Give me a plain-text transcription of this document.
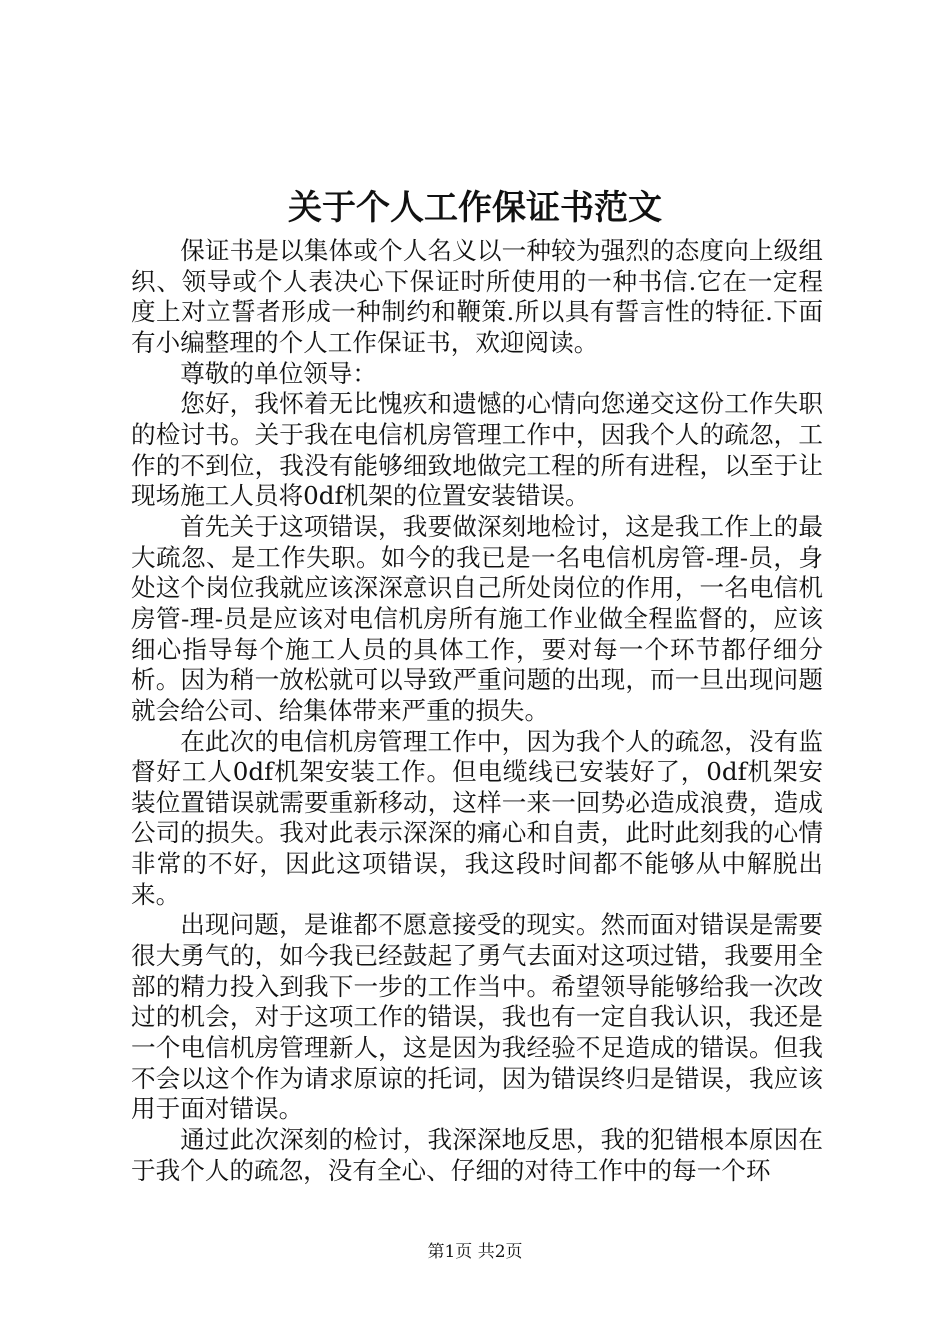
关于个人工作保证书范文

保证书是以集体或个人名义以一种较为强烈的态度向上级组织、领导或个人表决心下保证时所使用的一种书信.它在一定程度上对立誓者形成一种制约和鞭策.所以具有誓言性的特征.下面有小编整理的个人工作保证书，欢迎阅读。

尊敬的单位领导：

您好，我怀着无比愧疚和遗憾的心情向您递交这份工作失职的检讨书。关于我在电信机房管理工作中，因我个人的疏忽，工作的不到位，我没有能够细致地做完工程的所有进程，以至于让现场施工人员将0df机架的位置安装错误。

首先关于这项错误，我要做深刻地检讨，这是我工作上的最大疏忽、是工作失职。如今的我已是一名电信机房管-理-员，身处这个岗位我就应该深深意识自己所处岗位的作用，一名电信机房管-理-员是应该对电信机房所有施工作业做全程监督的，应该细心指导每个施工人员的具体工作，要对每一个环节都仔细分析。因为稍一放松就可以导致严重问题的出现，而一旦出现问题就会给公司、给集体带来严重的损失。

在此次的电信机房管理工作中，因为我个人的疏忽，没有监督好工人0df机架安装工作。但电缆线已安装好了，0df机架安装位置错误就需要重新移动，这样一来一回势必造成浪费，造成公司的损失。我对此表示深深的痛心和自责，此时此刻我的心情非常的不好，因此这项错误，我这段时间都不能够从中解脱出来。

出现问题，是谁都不愿意接受的现实。然而面对错误是需要很大勇气的，如今我已经鼓起了勇气去面对这项过错，我要用全部的精力投入到我下一步的工作当中。希望领导能够给我一次改过的机会，对于这项工作的错误，我也有一定自我认识，我还是一个电信机房管理新人，这是因为我经验不足造成的错误。但我不会以这个作为请求原谅的托词，因为错误终归是错误，我应该用于面对错误。

通过此次深刻的检讨，我深深地反思，我的犯错根本原因在于我个人的疏忽，没有全心、仔细的对待工作中的每一个环

第1页 共2页
